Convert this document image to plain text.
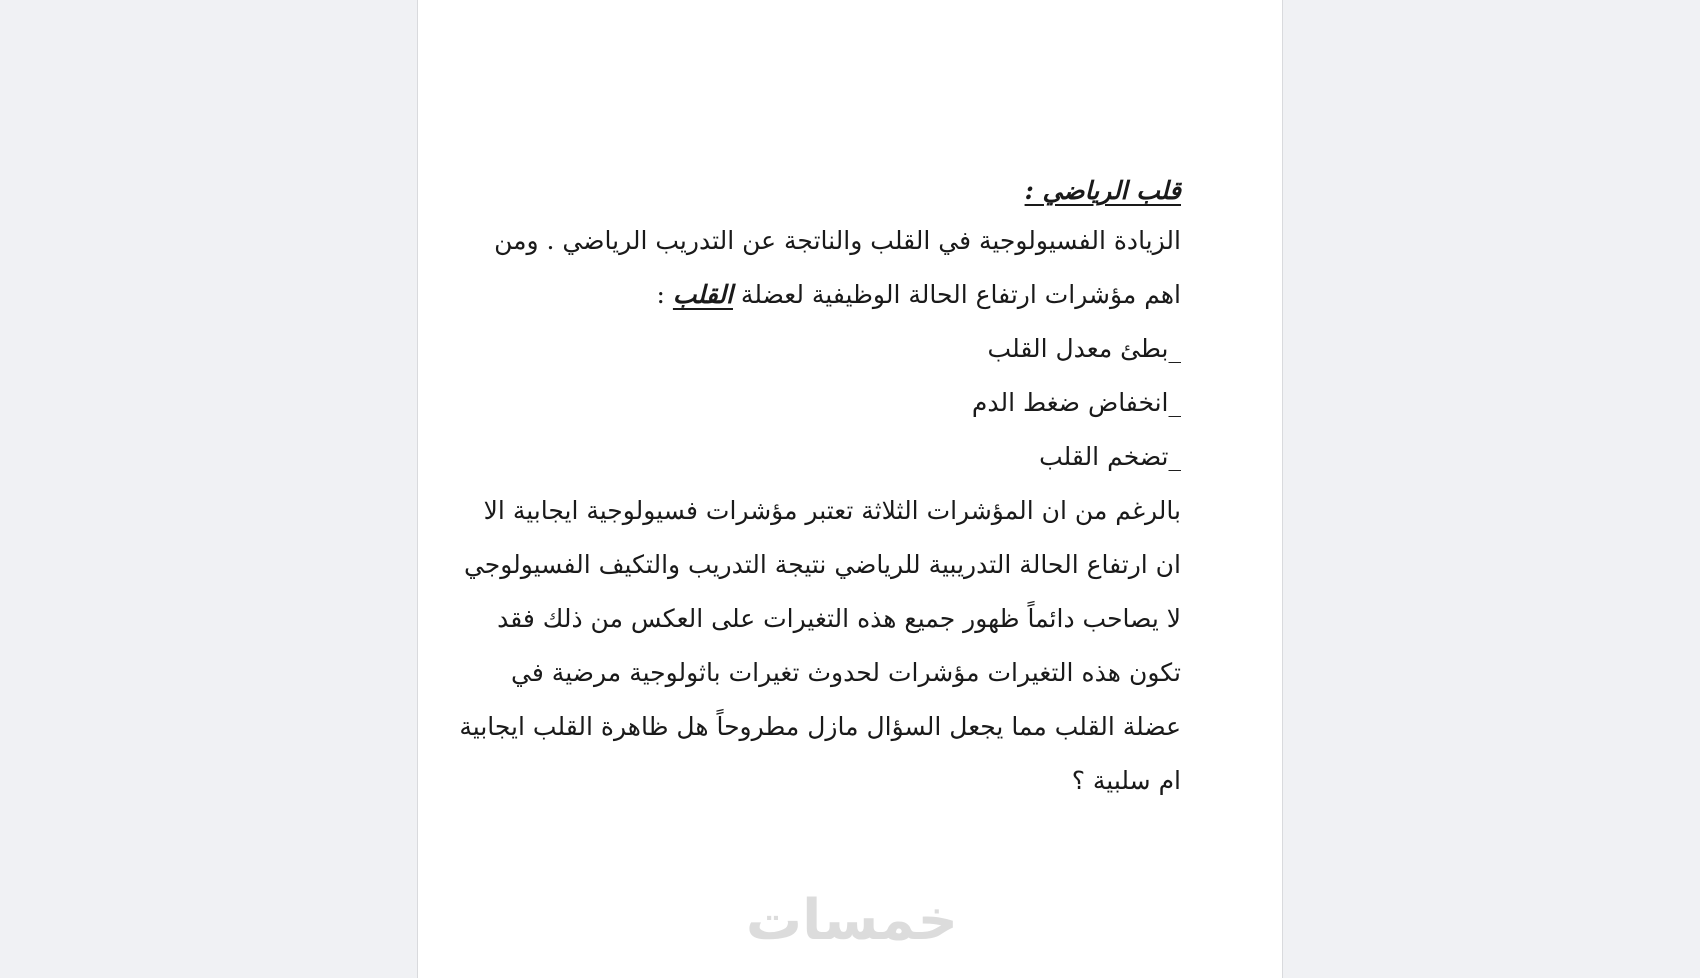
قلب الرياضي :
الزيادة الفسيولوجية في القلب والناتجة عن التدريب الرياضي . ومن
اهم مؤشرات ارتفاع الحالة الوظيفية لعضلة القلب :
_بطئ معدل القلب
_انخفاض ضغط الدم
_تضخم القلب
بالرغم من ان المؤشرات الثلاثة تعتبر مؤشرات فسيولوجية ايجابية الا
ان ارتفاع الحالة التدريبية للرياضي نتيجة التدريب والتكيف الفسيولوجي
لا يصاحب دائماً ظهور جميع هذه التغيرات على العكس من ذلك فقد
تكون هذه التغيرات مؤشرات لحدوث تغيرات باثولوجية مرضية في
عضلة القلب مما يجعل السؤال مازل مطروحاً هل ظاهرة القلب ايجابية
ام سلبية ؟
خمسات
